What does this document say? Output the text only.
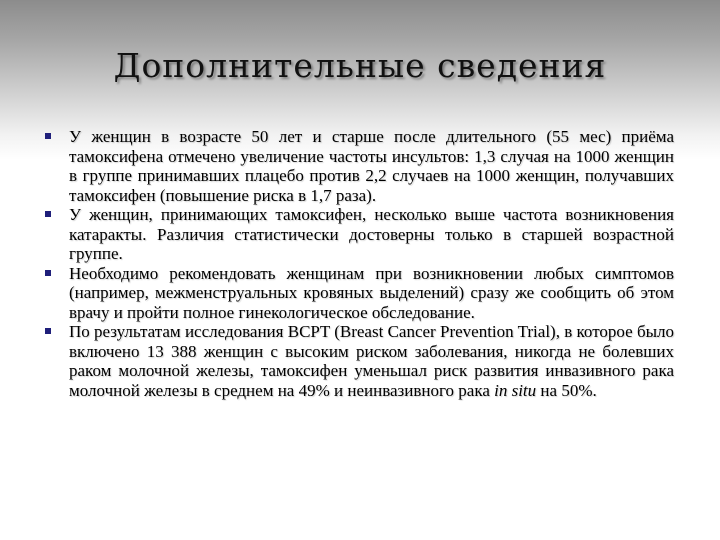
Дополнительные сведения
У женщин в возрасте 50 лет и старше после длительного (55 мес) приёма тамоксифена отмечено увеличение частоты инсультов: 1,3 случая на 1000 женщин в группе принимавших плацебо против 2,2 случаев на 1000 женщин, получавших тамоксифен (повышение риска в 1,7 раза).
У женщин, принимающих тамоксифен, несколько выше частота возникновения катаракты. Различия статистически достоверны только в старшей возрастной группе.
Необходимо рекомендовать женщинам при возникновении любых симптомов (например, межменструальных кровяных выделений) сразу же сообщить об этом врачу и пройти полное гинекологическое обследование.
По результатам исследования BCPT (Breast Cancer Prevention Trial), в которое было включено 13 388 женщин с высоким риском заболевания, никогда не болевших раком молочной железы, тамоксифен уменьшал риск развития инвазивного рака молочной железы в среднем на 49% и неинвазивного рака in situ на 50%.
